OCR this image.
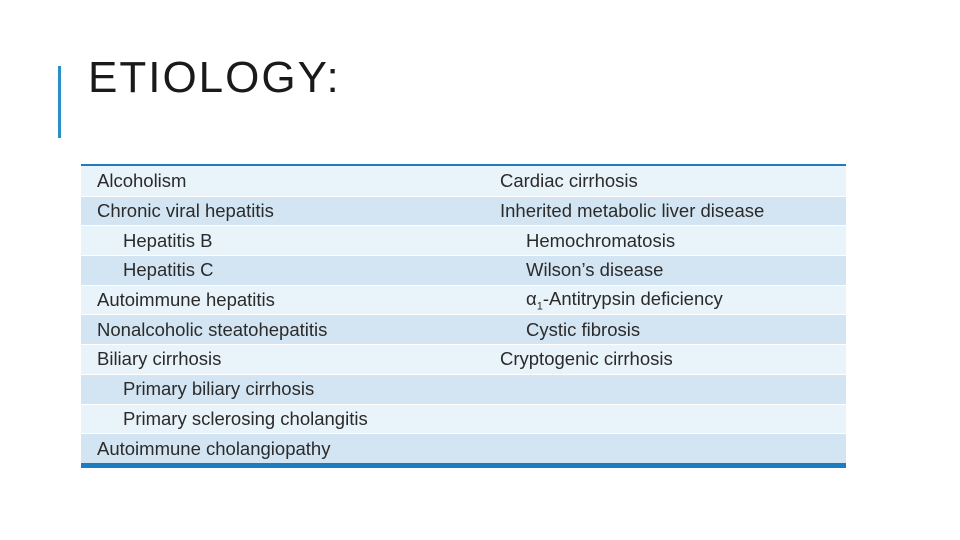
ETIOLOGY:
Alcoholism	Cardiac cirrhosis
Chronic viral hepatitis	Inherited metabolic liver disease
Hepatitis B	Hemochromatosis
Hepatitis C	Wilson’s disease
Autoimmune hepatitis	$\alpha_1$-Antitrypsin deficiency
Nonalcoholic steatohepatitis	Cystic fibrosis
Biliary cirrhosis	Cryptogenic cirrhosis
Primary biliary cirrhosis
Primary sclerosing cholangitis
Autoimmune cholangiopathy
